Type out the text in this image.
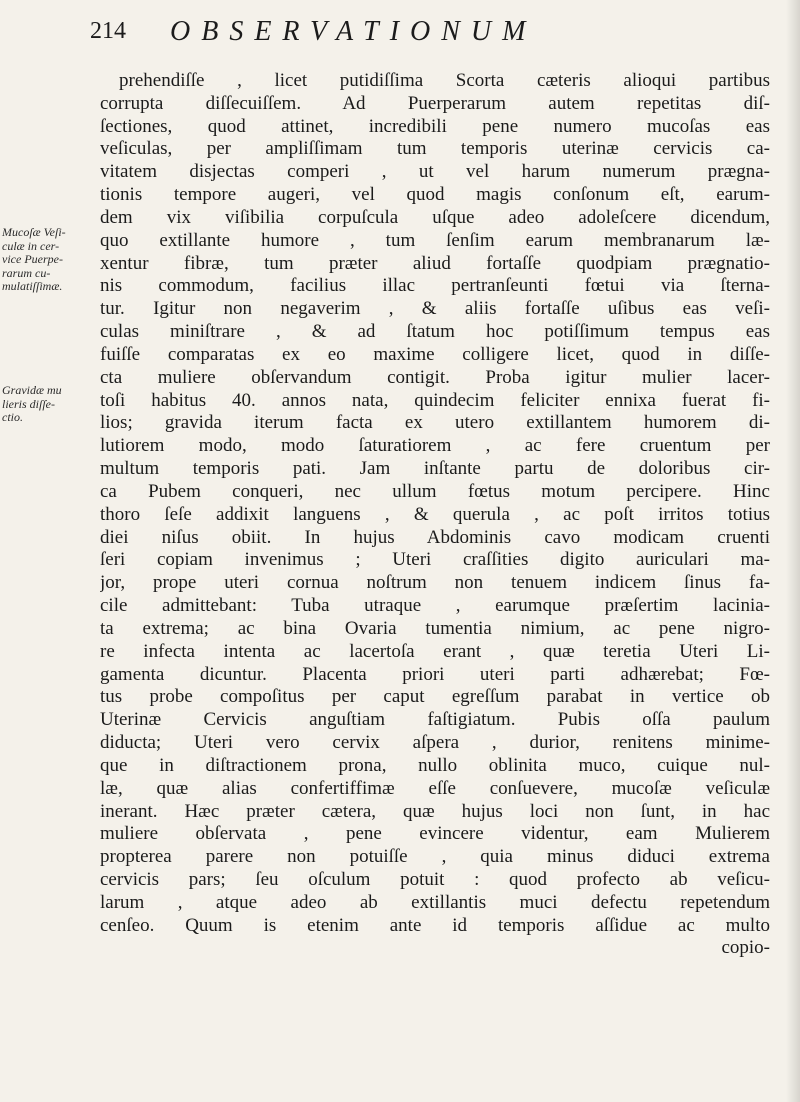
214 OBSERVATIONUM
Mucoſæ Veſi-
culæ in cer-
vice Puerpe-
rarum cu-
mulatiſſimæ.
Gravidæ mu
lieris diſſe-
ctio.
prehendiſſe , licet putidiſſima Scorta cæteris alioqui partibus
corrupta diſſecuiſſem. Ad Puerperarum autem repetitas diſ-
ſectiones, quod attinet, incredibili pene numero mucoſas eas
veſiculas, per ampliſſimam tum temporis uterinæ cervicis ca-
vitatem disjectas comperi , ut vel harum numerum prægna-
tionis tempore augeri, vel quod magis conſonum eſt, earum-
dem vix viſibilia corpuſcula uſque adeo adoleſcere dicendum,
quo extillante humore , tum ſenſim earum membranarum læ-
xentur fibræ, tum præter aliud fortaſſe quodpiam prægnatio-
nis commodum, facilius illac pertranſeunti fœtui via ſterna-
tur. Igitur non negaverim , & aliis fortaſſe uſibus eas veſi-
culas miniſtrare , & ad ſtatum hoc potiſſimum tempus eas
fuiſſe comparatas ex eo maxime colligere licet, quod in diſſe-
cta muliere obſervandum contigit. Proba igitur mulier lacer-
toſi habitus 40. annos nata, quindecim feliciter ennixa fuerat fi-
lios; gravida iterum facta ex utero extillantem humorem di-
lutiorem modo, modo ſaturatiorem , ac fere cruentum per
multum temporis pati. Jam inſtante partu de doloribus cir-
ca Pubem conqueri, nec ullum fœtus motum percipere. Hinc
thoro ſeſe addixit languens , & querula , ac poſt irritos totius
diei niſus obiit. In hujus Abdominis cavo modicam cruenti
ſeri copiam invenimus ; Uteri craſſities digito auriculari ma-
jor, prope uteri cornua noſtrum non tenuem indicem ſinus fa-
cile admittebant: Tuba utraque , earumque præſertim lacinia-
ta extrema; ac bina Ovaria tumentia nimium, ac pene nigro-
re infecta intenta ac lacertoſa erant , quæ teretia Uteri Li-
gamenta dicuntur. Placenta priori uteri parti adhærebat; Fœ-
tus probe compoſitus per caput egreſſum parabat in vertice ob
Uterinæ Cervicis anguſtiam faſtigiatum. Pubis oſſa paulum
diducta; Uteri vero cervix aſpera , durior, renitens minime-
que in diſtractionem prona, nullo oblinita muco, cuique nul-
læ, quæ alias confertiffimæ eſſe conſuevere, mucoſæ veſiculæ
inerant. Hæc præter cætera, quæ hujus loci non ſunt, in hac
muliere obſervata , pene evincere videntur, eam Mulierem
propterea parere non potuiſſe , quia minus diduci extrema
cervicis pars; ſeu oſculum potuit : quod profecto ab veſicu-
larum , atque adeo ab extillantis muci defectu repetendum
cenſeo. Quum is etenim ante id temporis aſſidue ac multo
copio-
